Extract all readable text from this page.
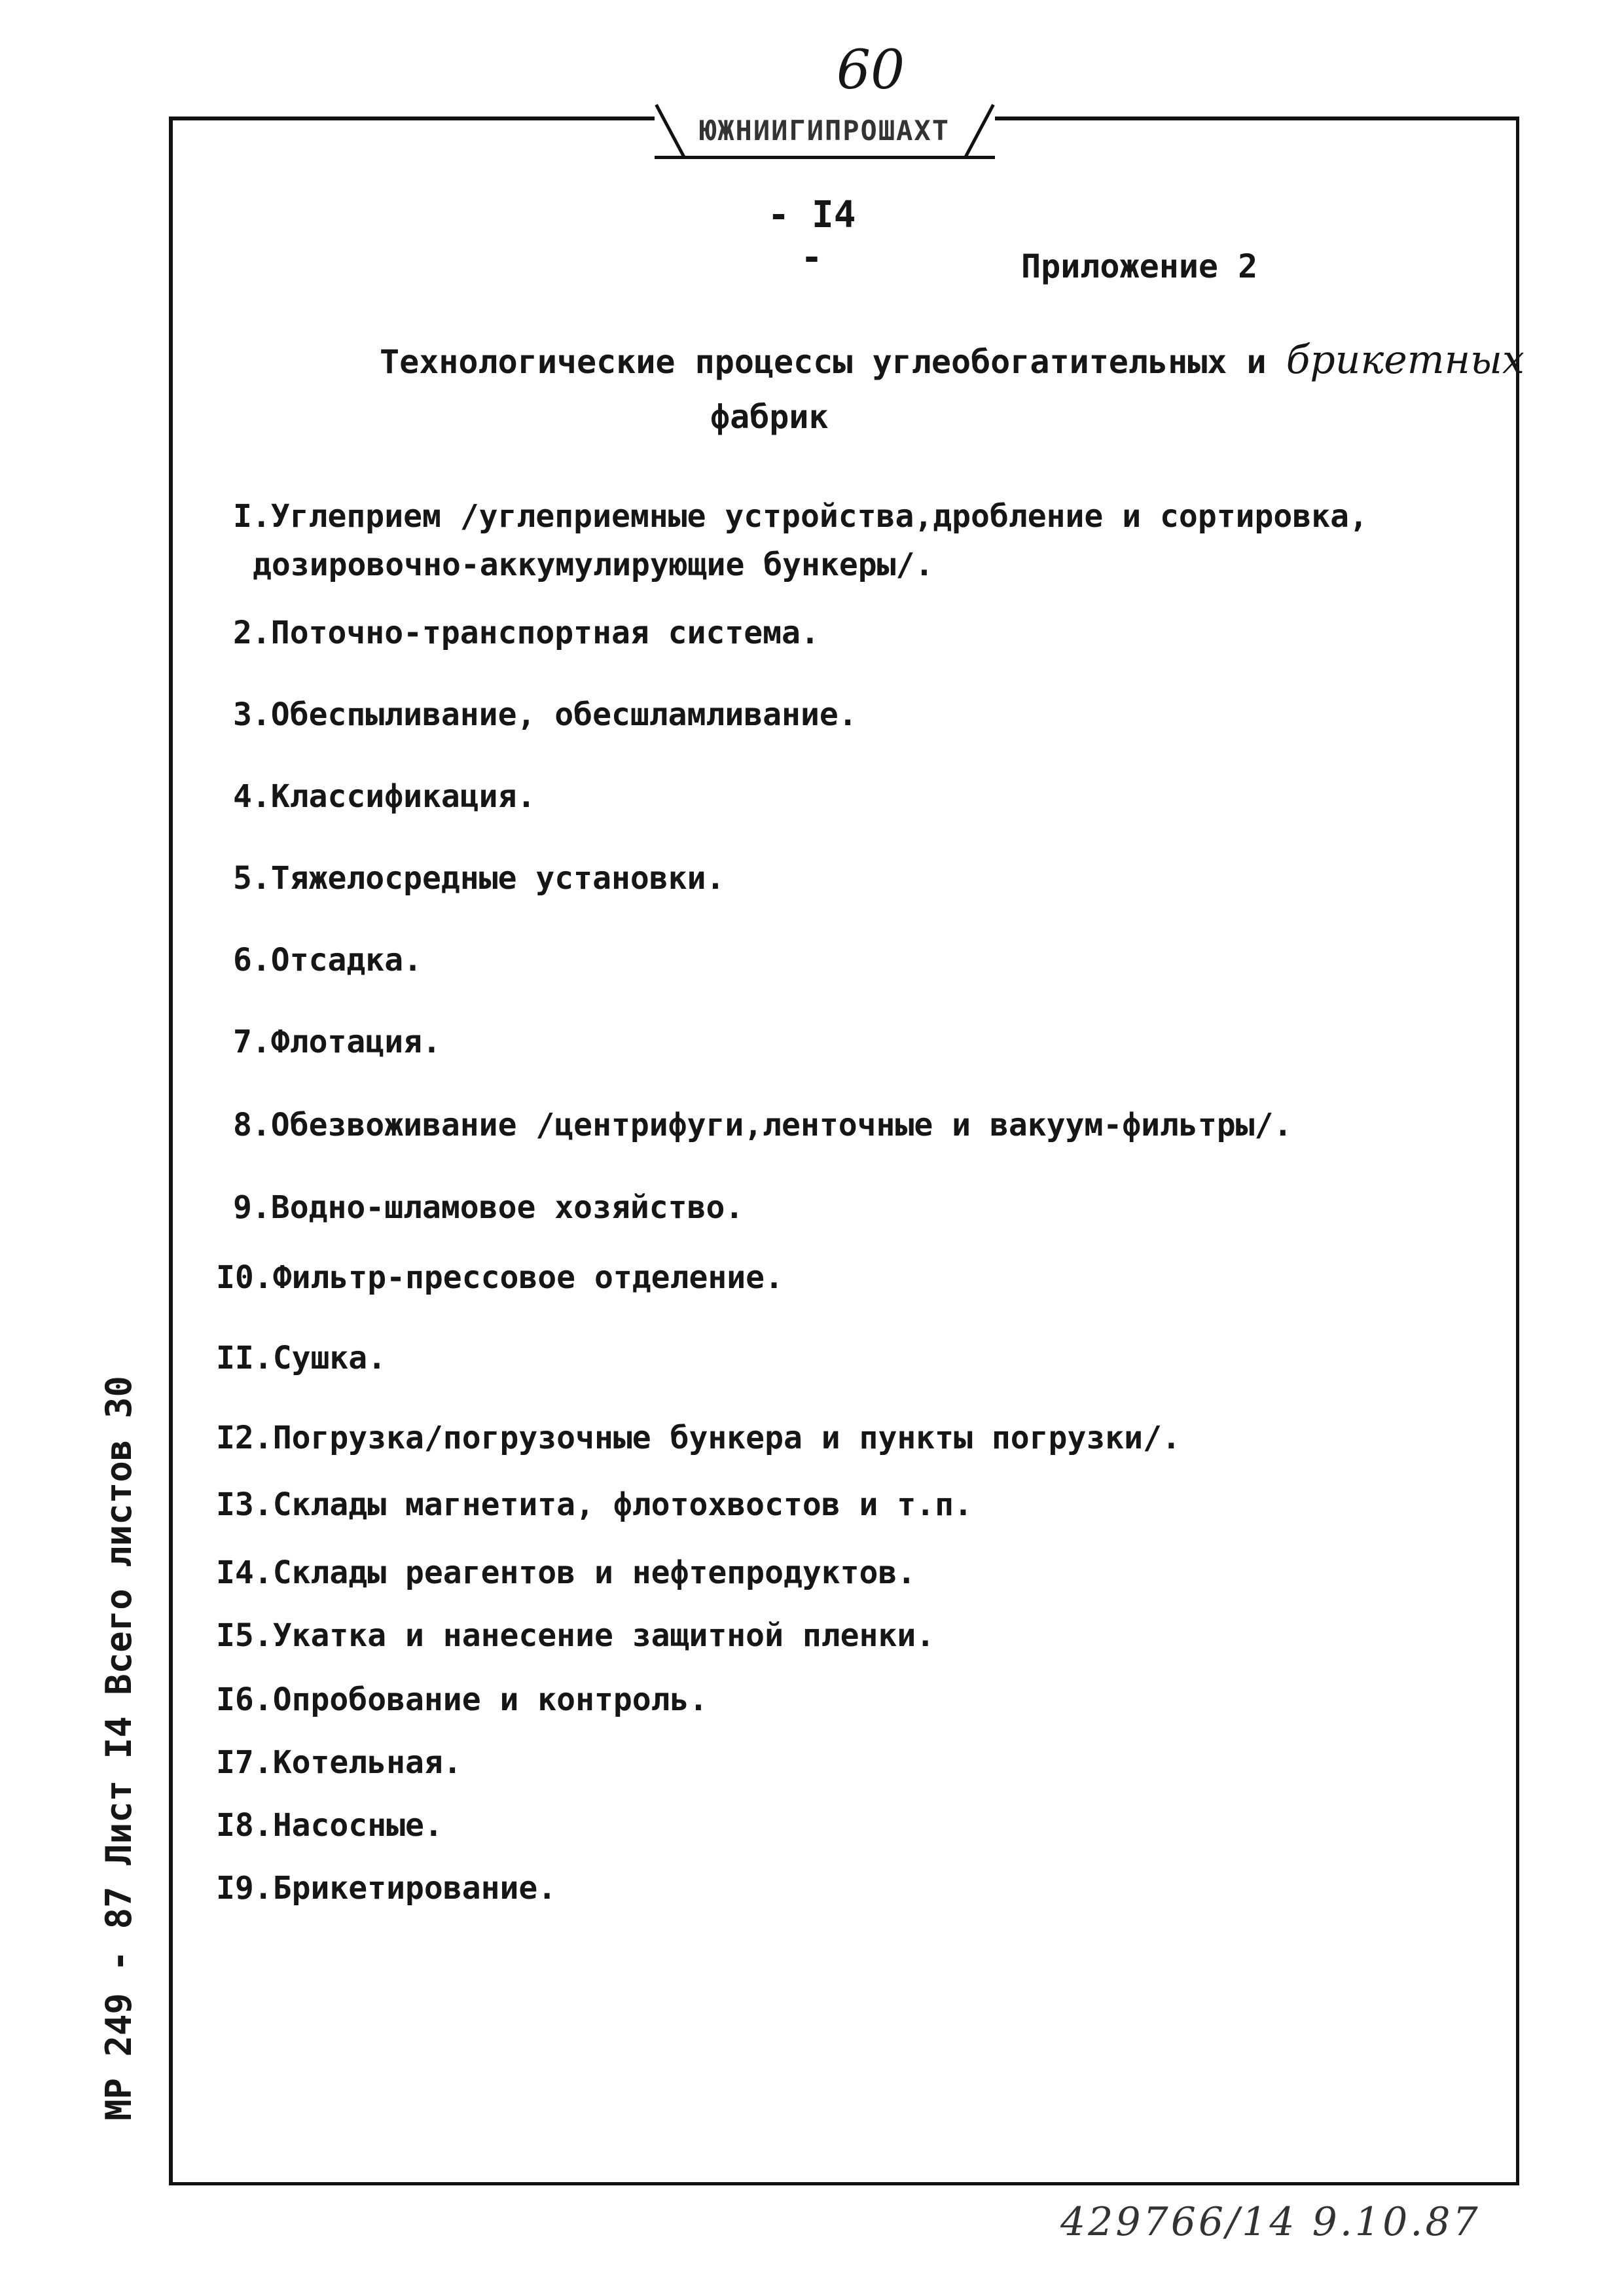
60
ЮЖНИИГИПРОШАХТ
- I4 -	Приложение 2
Технологические процессы углеобогатительных и брикетных
фабрик
I.Углеприем /углеприемные устройства,дробление и сортировка,
дозировочно-аккумулирующие бункеры/.
2.Поточно-транспортная система.
3.Обеспыливание, обесшламливание.
4.Классификация.
5.Тяжелосредные установки.
6.Отсадка.
7.Флотация.
8.Обезвоживание /центрифуги,ленточные и вакуум-фильтры/.
9.Водно-шламовое хозяйство.
I0.Фильтр-прессовое отделение.
II.Сушка.
I2.Погрузка/погрузочные бункера и пункты погрузки/.
I3.Склады магнетита, флотохвостов и т.п.
I4.Склады реагентов и нефтепродуктов.
I5.Укатка и нанесение защитной пленки.
I6.Опробование и контроль.
I7.Котельная.
I8.Насосные.
I9.Брикетирование.
МР 249 - 87 Лист I4 Всего листов 30
429766/14 9.10.87
